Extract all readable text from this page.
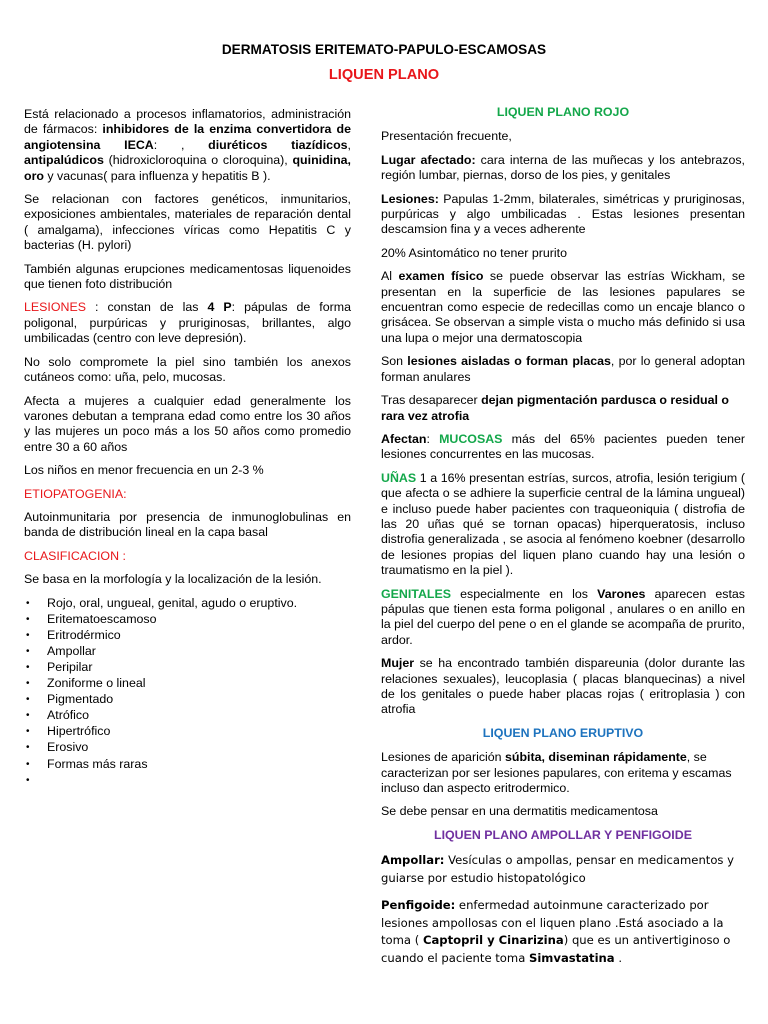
DERMATOSIS ERITEMATO-PAPULO-ESCAMOSAS
LIQUEN PLANO

Está relacionado a procesos inflamatorios, administración de fármacos: inhibidores de la enzima convertidora de angiotensina IECA: , diuréticos tiazídicos, antipalúdicos (hidroxicloroquina o cloroquina), quinidina, oro y vacunas( para influenza y hepatitis B ).

Se relacionan con factores genéticos, inmunitarios, exposiciones ambientales, materiales de reparación dental ( amalgama), infecciones víricas como Hepatitis C y bacterias (H. pylori)

También algunas erupciones medicamentosas liquenoides que tienen foto distribución

LESIONES : constan de las 4 P: pápulas de forma poligonal, purpúricas y pruriginosas, brillantes, algo umbilicadas (centro con leve depresión).

No solo compromete la piel sino también los anexos cutáneos como: uña, pelo, mucosas.

Afecta a mujeres a cualquier edad generalmente los varones debutan a temprana edad como entre los 30 años y las mujeres un poco más a los 50 años como promedio entre 30 a 60 años

Los niños en menor frecuencia en un 2-3 %

ETIOPATOGENIA:

Autoinmunitaria por presencia de inmunoglobulinas en banda de distribución lineal en la capa basal

CLASIFICACION :

Se basa en la morfología y la localización de la lesión.

• Rojo, oral, ungueal, genital, agudo o eruptivo.
• Eritematoescamoso
• Eritrodérmico
• Ampollar
• Peripilar
• Zoniforme o lineal
• Pigmentado
• Atrófico
• Hipertrófico
• Erosivo
• Formas más raras
•

LIQUEN PLANO ROJO

Presentación frecuente,

Lugar afectado: cara interna de las muñecas y los antebrazos, región lumbar, piernas, dorso de los pies, y genitales

Lesiones: Papulas 1-2mm, bilaterales, simétricas y pruriginosas, purpúricas y algo umbilicadas . Estas lesiones presentan descamsion fina y a veces adherente

20% Asintomático no tener prurito

Al examen físico se puede observar las estrías Wickham, se presentan en la superficie de las lesiones papulares se encuentran como especie de redecillas como un encaje blanco o grisácea. Se observan a simple vista o mucho más definido si usa una lupa o mejor una dermatoscopia

Son lesiones aisladas o forman placas, por lo general adoptan forman anulares

Tras desaparecer dejan pigmentación pardusca o residual o rara vez atrofia

Afectan: MUCOSAS más del 65% pacientes pueden tener lesiones concurrentes en las mucosas.

UÑAS 1 a 16% presentan estrías, surcos, atrofia, lesión terigium ( que afecta o se adhiere la superficie central de la lámina ungueal) e incluso puede haber pacientes con traqueoniquia ( distrofia de las 20 uñas qué se tornan opacas) hiperqueratosis, incluso distrofia generalizada , se asocia al fenómeno koebner (desarrollo de lesiones propias del liquen plano cuando hay una lesión o traumatismo en la piel ).

GENITALES especialmente en los Varones aparecen estas pápulas que tienen esta forma poligonal , anulares o en anillo en la piel del cuerpo del pene o en el glande se acompaña de prurito, ardor.

Mujer se ha encontrado también dispareunia (dolor durante las relaciones sexuales), leucoplasia ( placas blanquecinas) a nivel de los genitales o puede haber placas rojas ( eritroplasia ) con atrofia

LIQUEN PLANO ERUPTIVO

Lesiones de aparición súbita, diseminan rápidamente, se caracterizan por ser lesiones papulares, con eritema y escamas incluso dan aspecto eritrodermico.

Se debe pensar en una dermatitis medicamentosa

LIQUEN PLANO AMPOLLAR Y PENFIGOIDE

Ampollar: Vesículas o ampollas, pensar en medicamentos y guiarse por estudio histopatológico

Penfigoide: enfermedad autoinmune caracterizado por lesiones ampollosas con el liquen plano .Está asociado a la toma ( Captopril y Cinarizina) que es un antivertiginoso o cuando el paciente toma Simvastatina .
